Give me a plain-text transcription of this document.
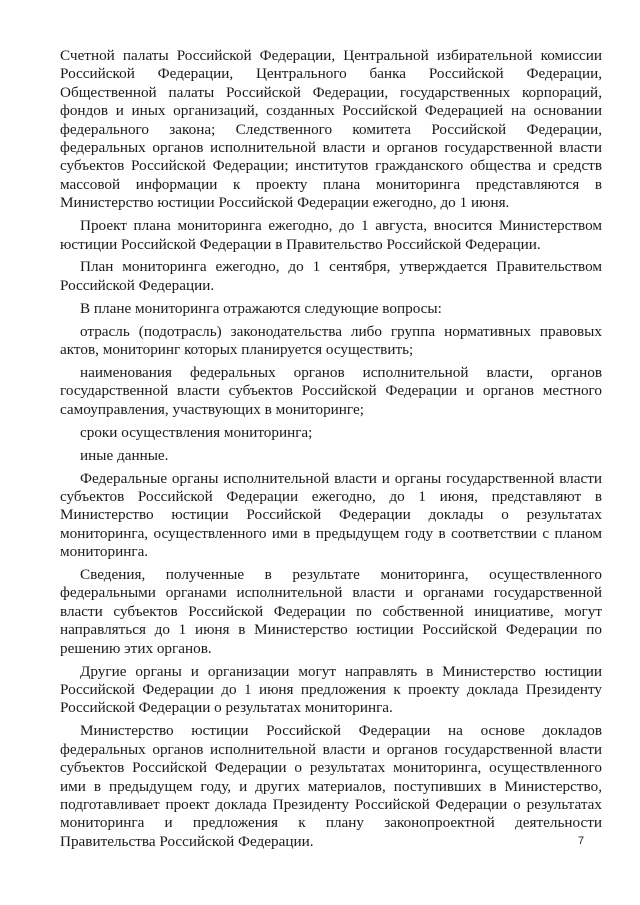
Счетной палаты Российской Федерации, Центральной избирательной комиссии Российской Федерации, Центрального банка Российской Федерации, Общественной палаты Российской Федерации, государственных корпораций, фондов и иных организаций, созданных Российской Федерацией на основании федерального закона; Следственного комитета Российской Федерации, федеральных органов исполнительной власти и органов государственной власти субъектов Российской Федерации; институтов гражданского общества и средств массовой информации к проекту плана мониторинга представляются в Министерство юстиции Российской Федерации ежегодно, до 1 июня.

Проект плана мониторинга ежегодно, до 1 августа, вносится Министерством юстиции Российской Федерации в Правительство Российской Федерации.

План мониторинга ежегодно, до 1 сентября, утверждается Правительством Российской Федерации.

В плане мониторинга отражаются следующие вопросы:

отрасль (подотрасль) законодательства либо группа нормативных правовых актов, мониторинг которых планируется осуществить;

наименования федеральных органов исполнительной власти, органов государственной власти субъектов Российской Федерации и органов местного самоуправления, участвующих в мониторинге;

сроки осуществления мониторинга;

иные данные.

Федеральные органы исполнительной власти и органы государственной власти субъектов Российской Федерации ежегодно, до 1 июня, представляют в Министерство юстиции Российской Федерации доклады о результатах мониторинга, осуществленного ими в предыдущем году в соответствии с планом мониторинга.

Сведения, полученные в результате мониторинга, осуществленного федеральными органами исполнительной власти и органами государственной власти субъектов Российской Федерации по собственной инициативе, могут направляться до 1 июня в Министерство юстиции Российской Федерации по решению этих органов.

Другие органы и организации могут направлять в Министерство юстиции Российской Федерации до 1 июня предложения к проекту доклада Президенту Российской Федерации о результатах мониторинга.

Министерство юстиции Российской Федерации на основе докладов федеральных органов исполнительной власти и органов государственной власти субъектов Российской Федерации о результатах мониторинга, осуществленного ими в предыдущем году, и других материалов, поступивших в Министерство, подготавливает проект доклада Президенту Российской Федерации о результатах мониторинга и предложения к плану законопроектной деятельности Правительства Российской Федерации.	7
